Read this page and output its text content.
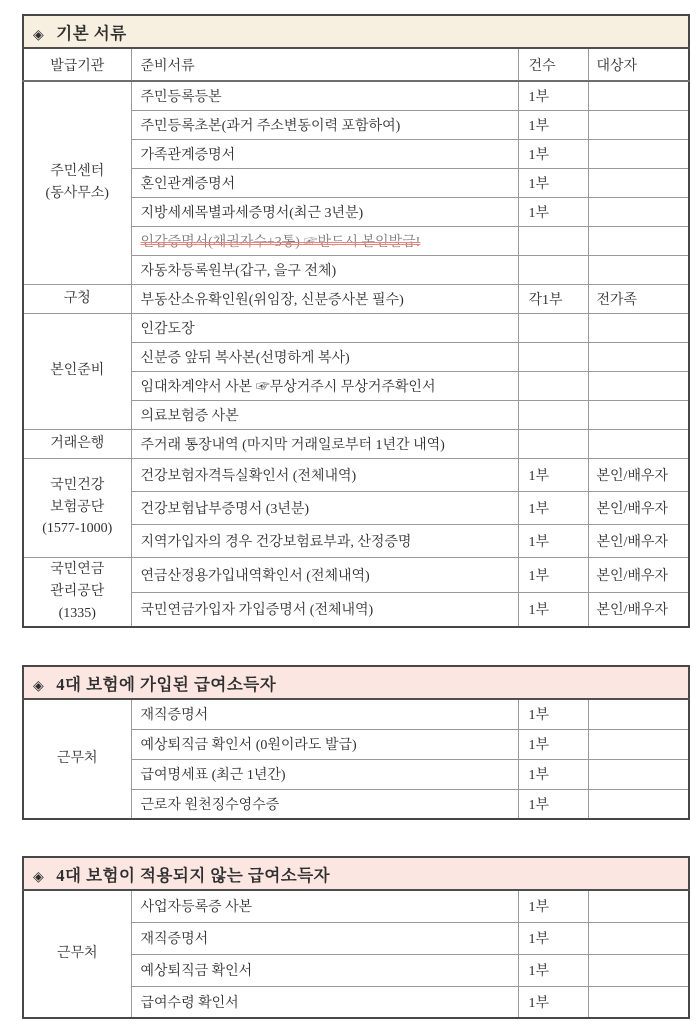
◈ 기본 서류			
발급기관	준비서류	건수	대상자

주민센터
(동사무소)	주민등록등본	1부	
	주민등록초본(과거 주소변동이력 포함하여)	1부	
	가족관계증명서	1부	
	혼인관계증명서	1부	
	지방세세목별과세증명서(최근 3년분)	1부	
	인감증명서(채권자수+3통) ☞반드시 본인발급!		
	자동차등록원부(갑구, 을구 전체)		

구청	부동산소유확인원(위임장, 신분증사본 필수)	각1부	전가족

본인준비	인감도장		
	신분증 앞뒤 복사본(선명하게 복사)		
	임대차계약서 사본 ☞무상거주시 무상거주확인서		
	의료보험증 사본		

거래은행	주거래 통장내역 (마지막 거래일로부터 1년간 내역)		

국민건강
보험공단
(1577-1000)	건강보험자격득실확인서 (전체내역)	1부	본인/배우자
	건강보험납부증명서 (3년분)	1부	본인/배우자
	지역가입자의 경우 건강보험료부과, 산정증명	1부	본인/배우자

국민연금
관리공단
(1335)	연금산정용가입내역확인서 (전체내역)	1부	본인/배우자
	국민연금가입자 가입증명서 (전체내역)	1부	본인/배우자
◈ 4대 보험에 가입된 급여소득자			

근무처	재직증명서	1부	
	예상퇴직금 확인서 (0원이라도 발급)	1부	
	급여명세표 (최근 1년간)	1부	
	근로자 원천징수영수증	1부	
◈ 4대 보험이 적용되지 않는 급여소득자			

근무처	사업자등록증 사본	1부	
	재직증명서	1부	
	예상퇴직금 확인서	1부	
	급여수령 확인서	1부	
